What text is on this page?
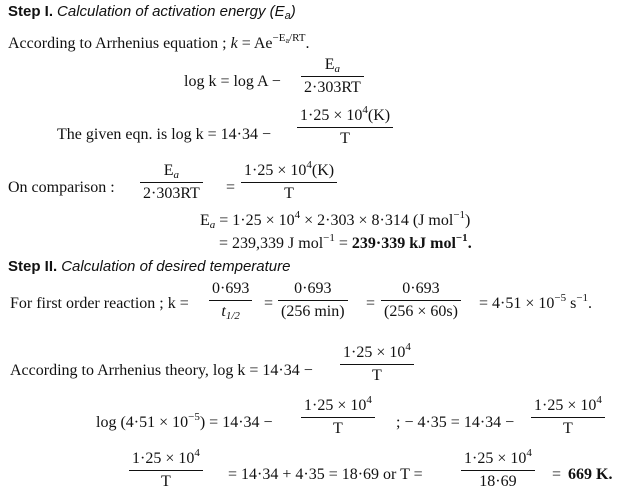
Step I. Calculation of activation energy $(E_a)$
According to Arrhenius equation ; $k = Ae^{-E_a/RT}$.
$\log k = \log A - \frac{E_a}{2\cdot 303RT}$
The given eqn. is $\log k = 14\cdot 34 - \frac{1\cdot 25 \times 10^4(K)}{T}$
On comparison : $\frac{E_a}{2\cdot 303RT} = \frac{1\cdot 25 \times 10^4(K)}{T}$
$E_a = 1\cdot 25 \times 10^4 \times 2\cdot 303 \times 8\cdot 314$ (J mol$^{-1}$)
= 239,339 J mol$^{-1}$ = 239·339 kJ mol$^{-1}$.
Step II. Calculation of desired temperature
For first order reaction ; $k = \frac{0\cdot 693}{t_{1/2}}$ =
0·693
(256 $\min) = \frac{0\cdot 693}{(256 \times 60s)} = 4\cdot 51 \times 10^{-5}$ $s^{-1}$.
According to Arrhenius theory, $\log k = 14\cdot 34 - \frac{1\cdot 25 \times 10^4}{T}$
$\log (4\cdot 51 \times 10^{-5}) = 14\cdot 34 - \frac{1\cdot 25 \times 10^4}{T}$ ; − $4\cdot 35 = 14\cdot 34 - \frac{1\cdot 25 \times 10^4}{T}$
$\frac{1\cdot 25 \times 10^4}{T} = 14\cdot 34 + 4\cdot 35 = 18\cdot 69$ or $T = \frac{1\cdot 25 \times 10^4}{18\cdot 69} = 669$ K.
